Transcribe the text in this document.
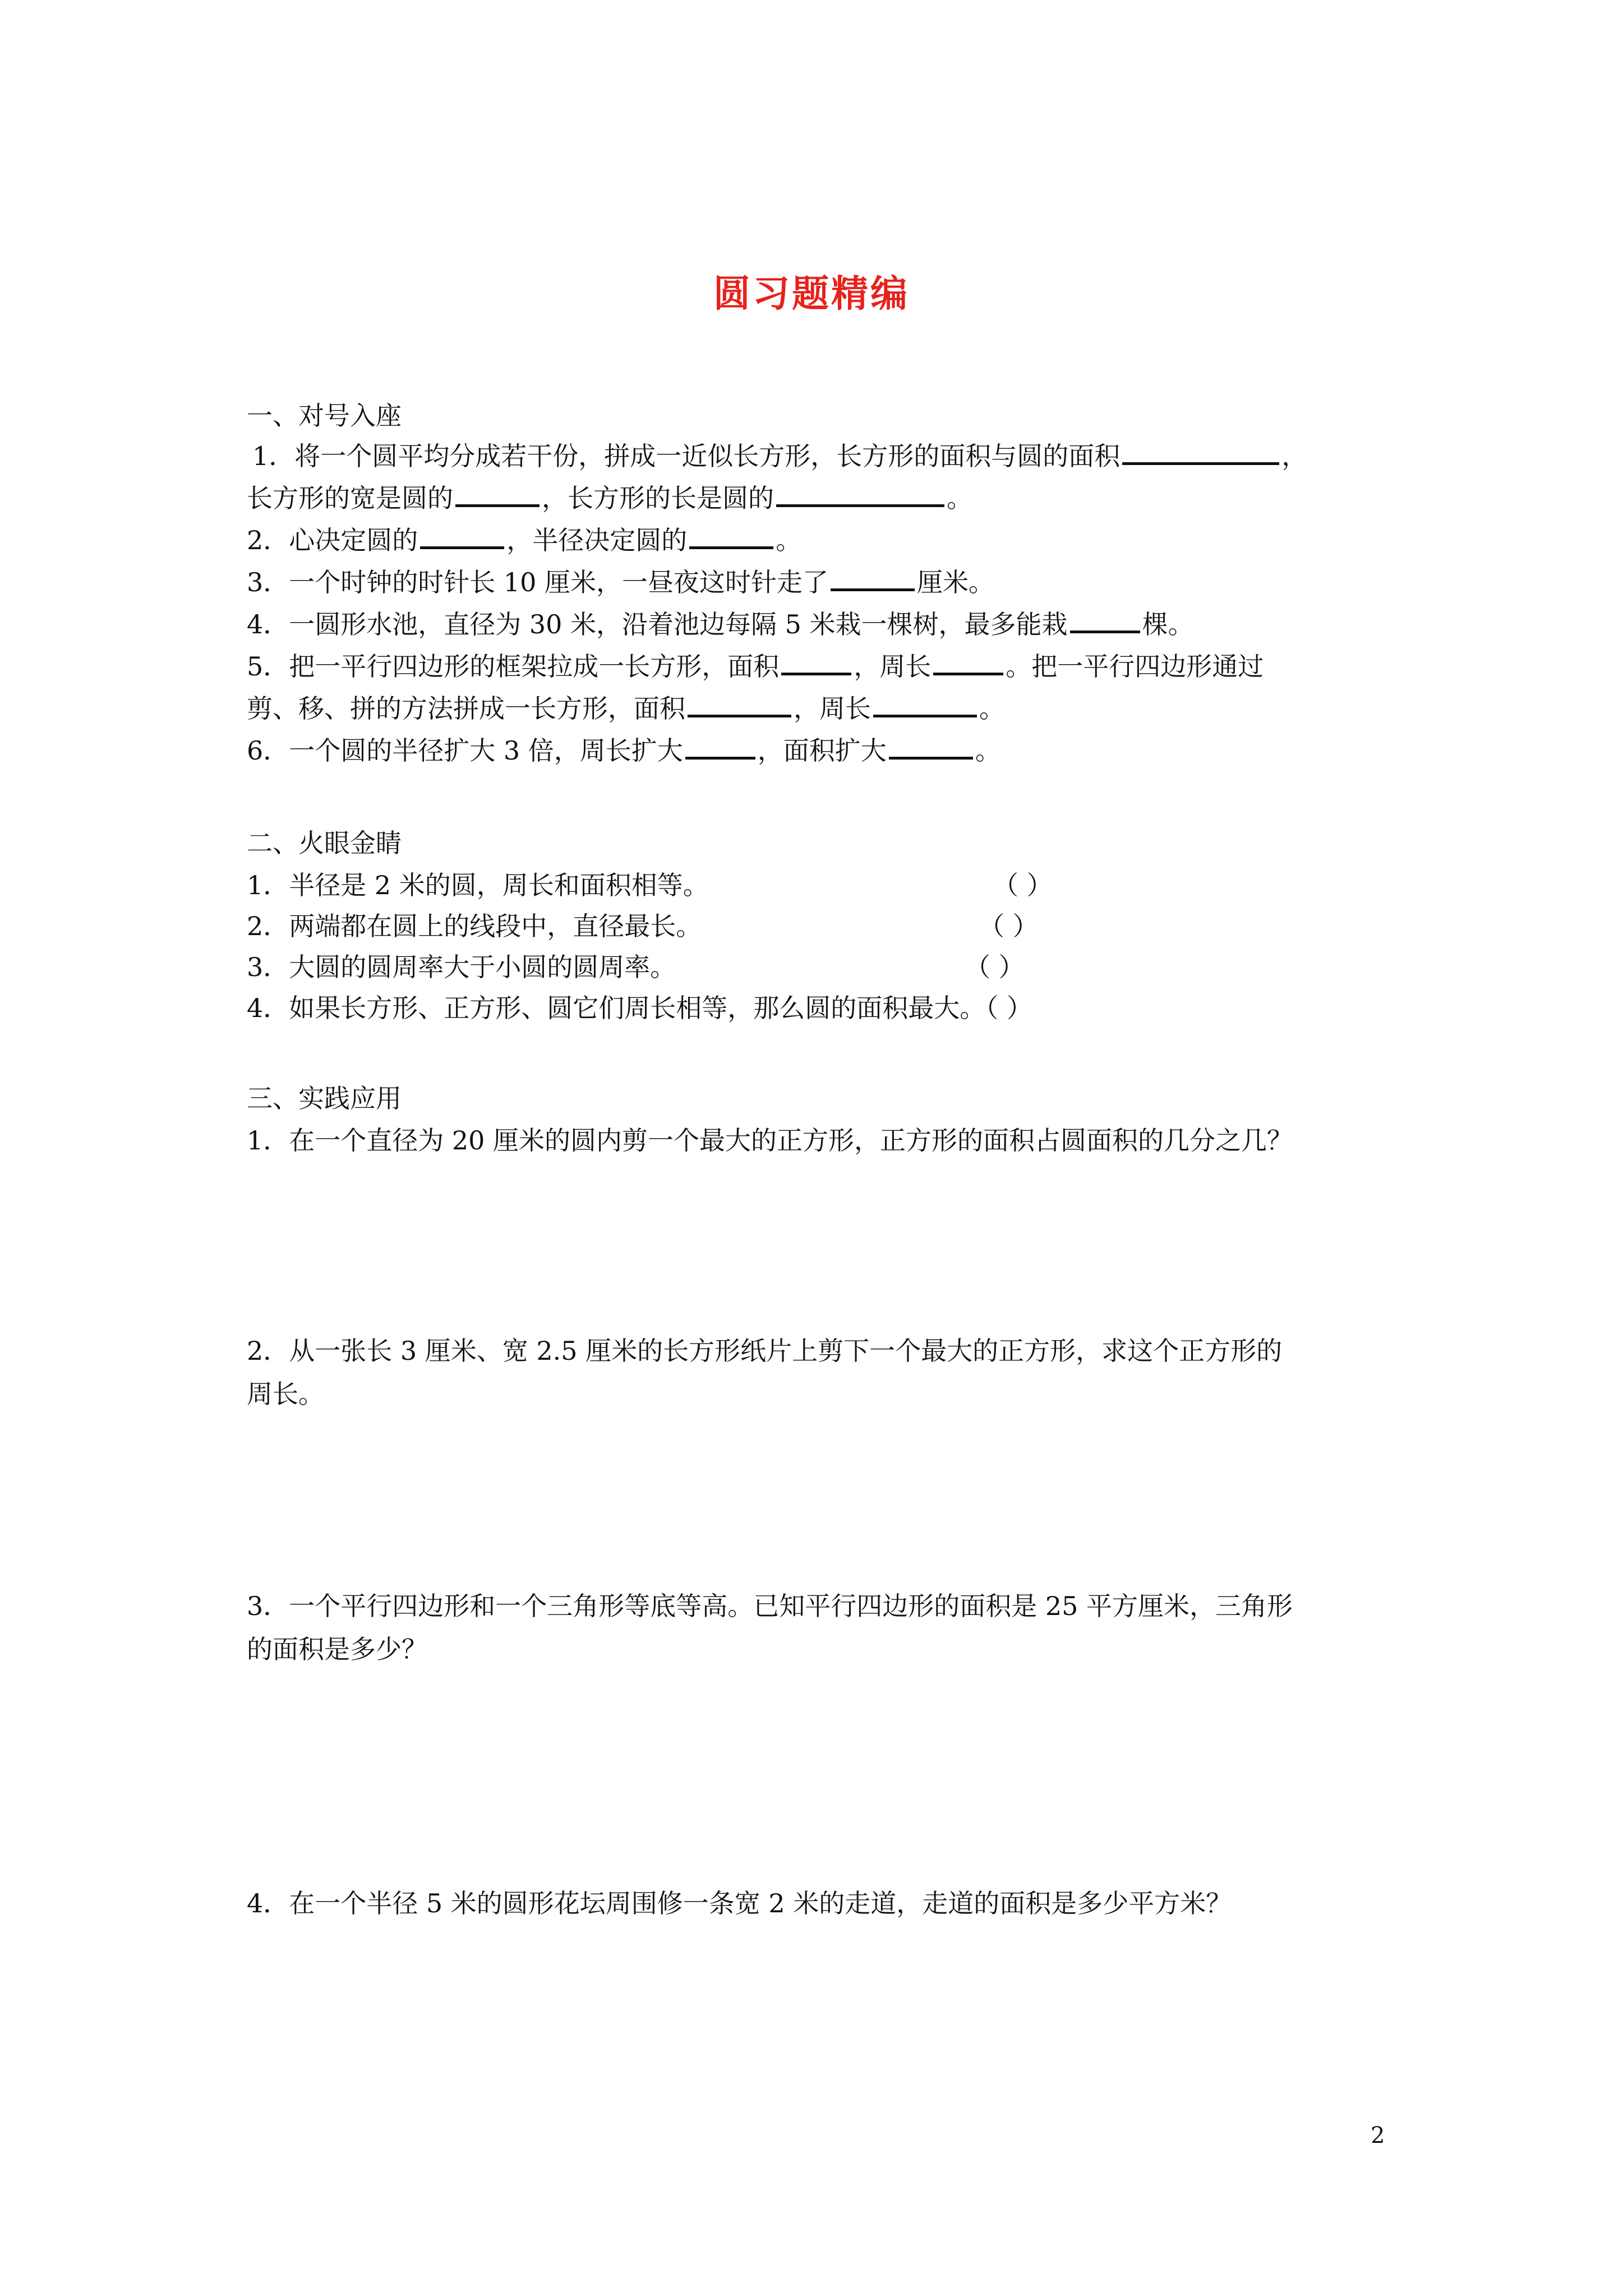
圆习题精编
一、对号入座
1．将一个圆平均分成若干份，拼成一近似长方形，长方形的面积与圆的面积	，
长方形的宽是圆的	，长方形的长是圆的	。
2．心决定圆的	，半径决定圆的	。
3．一个时钟的时针长 10 厘米，一昼夜这时针走了	厘米。
4．一圆形水池，直径为 30 米，沿着池边每隔 5 米栽一棵树，最多能栽	棵。
5．把一平行四边形的框架拉成一长方形，面积	，周长	。把一平行四边形通过
剪、移、拼的方法拼成一长方形，面积	，周长	。
6．一个圆的半径扩大 3 倍，周长扩大	，面积扩大	。
二、火眼金睛
1．半径是 2 米的圆，周长和面积相等。	（ ）
2．两端都在圆上的线段中，直径最长。	（ ）
3．大圆的圆周率大于小圆的圆周率。	（ ）
4．如果长方形、正方形、圆它们周长相等，那么圆的面积最大。（ ）
三、实践应用
1．在一个直径为 20 厘米的圆内剪一个最大的正方形，正方形的面积占圆面积的几分之几？
2．从一张长 3 厘米、宽 2.5 厘米的长方形纸片上剪下一个最大的正方形，求这个正方形的
周长。
3．一个平行四边形和一个三角形等底等高。已知平行四边形的面积是 25 平方厘米，三角形
的面积是多少？
4．在一个半径 5 米的圆形花坛周围修一条宽 2 米的走道，走道的面积是多少平方米？
2
